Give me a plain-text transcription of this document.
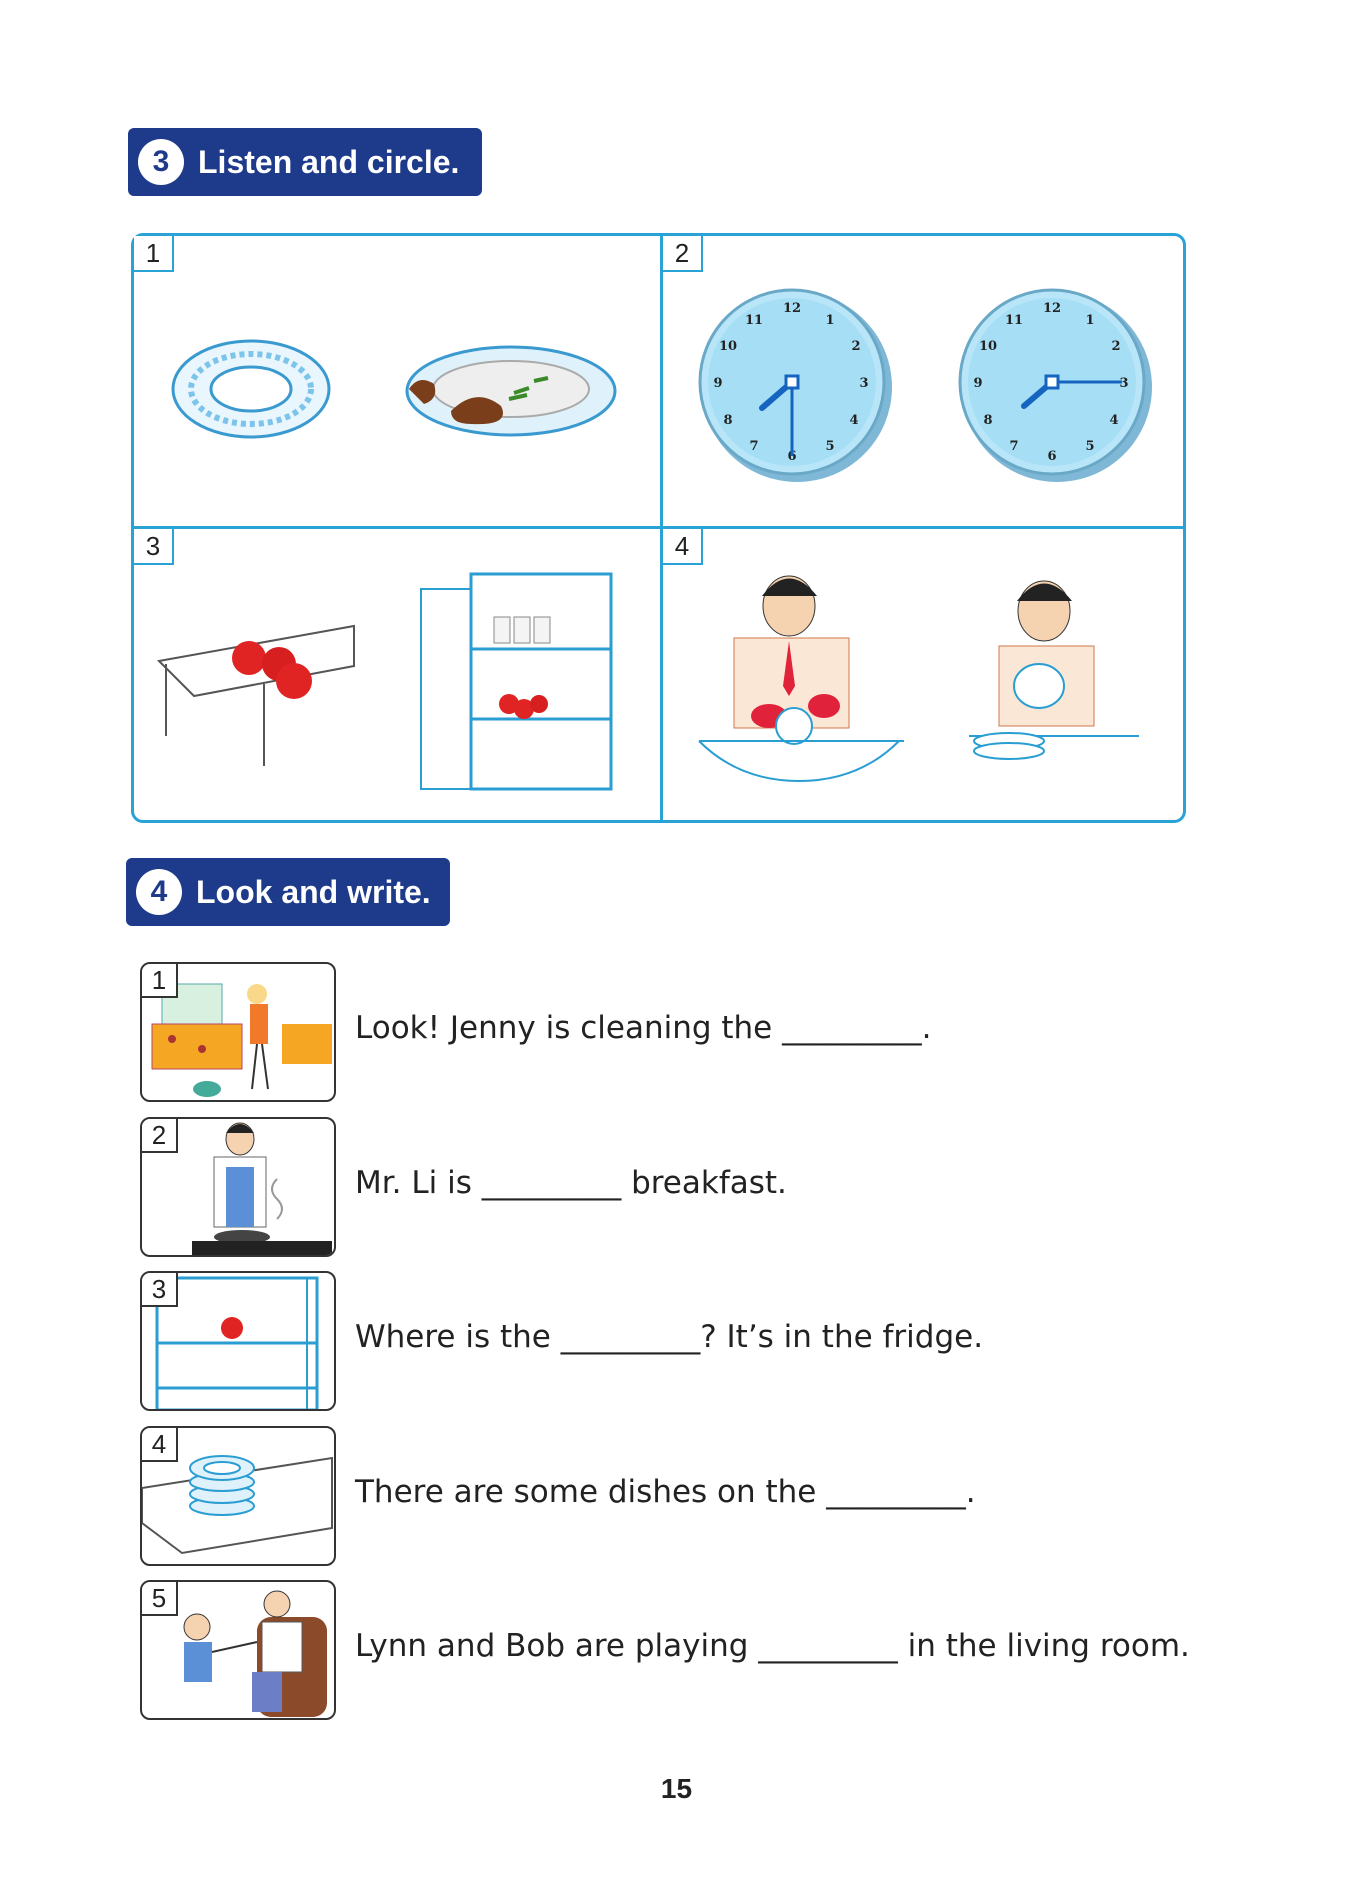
3 Listen and circle.
1	2
12
1
2
3
4
5
6
7
8
9
10
11
12
1
2
3
4
5
6
7
8
9
10
11
3	4
4 Look and write.
1
Look! Jenny is cleaning the _________.
2
Mr. Li is _________ breakfast.
3
Where is the _________? It’s in the fridge.
4
There are some dishes on the _________.
5
Lynn and Bob are playing _________ in the living room.
15
